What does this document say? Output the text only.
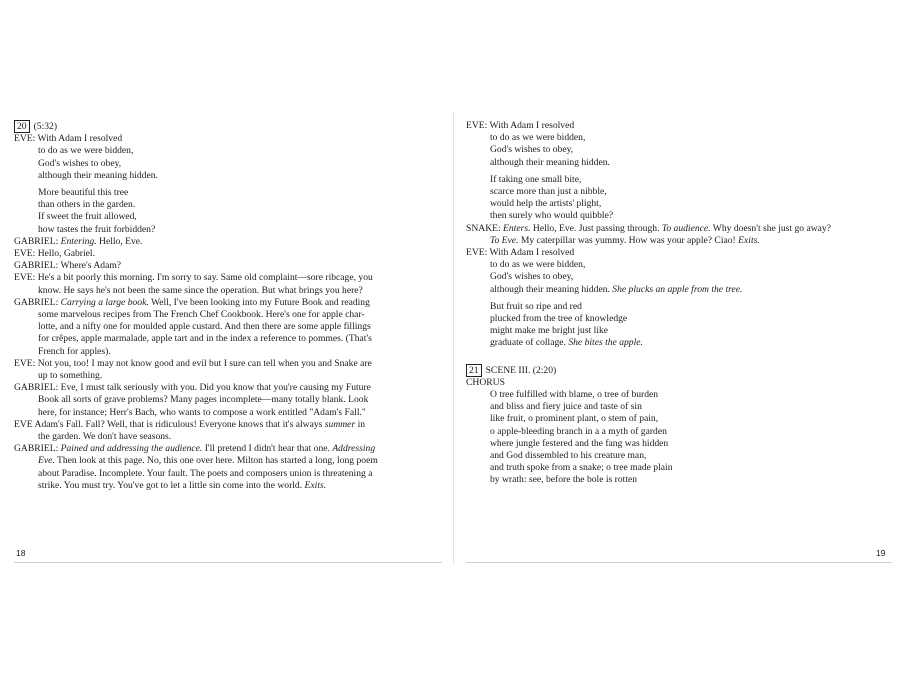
20 (5:32)
EVE: With Adam I resolved
to do as we were bidden,
God's wishes to obey,
although their meaning hidden.
More beautiful this tree
than others in the garden.
If sweet the fruit allowed,
how tastes the fruit forbidden?
GABRIEL: Entering. Hello, Eve.
EVE: Hello, Gabriel.
GABRIEL: Where's Adam?
EVE: He's a bit poorly this morning. I'm sorry to say. Same old complaint—sore ribcage, you
know. He says he's not been the same since the operation. But what brings you here?
GABRIEL: Carrying a large book. Well, I've been looking into my Future Book and reading
some marvelous recipes from The French Chef Cookbook. Here's one for apple char-
lotte, and a nifty one for moulded apple custard. And then there are some apple fillings
for crêpes, apple marmalade, apple tart and in the index a reference to pommes. (That's
French for apples).
EVE: Not you, too! I may not know good and evil but I sure can tell when you and Snake are
up to something.
GABRIEL: Eve, I must talk seriously with you. Did you know that you're causing my Future
Book all sorts of grave problems? Many pages incomplete—many totally blank. Look
here, for instance; Herr's Bach, who wants to compose a work entitled "Adam's Fall."
EVE Adam's Fall. Fall? Well, that is ridiculous! Everyone knows that it's always summer in
the garden. We don't have seasons.
GABRIEL: Pained and addressing the audience. I'll pretend I didn't hear that one. Addressing
Eve. Then look at this page. No, this one over here. Milton has started a long, long poem
about Paradise. Incomplete. Your fault. The poets and composers union is threatening a
strike. You must try. You've got to let a little sin come into the world. Exits.
18
EVE: With Adam I resolved
to do as we were bidden,
God's wishes to obey,
although their meaning hidden.
If taking one small bite,
scarce more than just a nibble,
would help the artists' plight,
then surely who would quibble?
SNAKE: Enters. Hello, Eve. Just passing through. To audience. Why doesn't she just go away?
To Eve. My caterpillar was yummy. How was your apple? Ciao! Exits.
EVE: With Adam I resolved
to do as we were bidden,
God's wishes to obey,
although their meaning hidden. She plucks an apple from the tree.
But fruit so ripe and red
plucked from the tree of knowledge
might make me bright just like
graduate of collage. She bites the apple.
21 SCENE III. (2:20)
CHORUS
O tree fulfilled with blame, o tree of burden
and bliss and fiery juice and taste of sin
like fruit, o prominent plant, o stem of pain,
o apple-bleeding branch in a a myth of garden
where jungle festered and the fang was hidden
and God dissembled to his creature man,
and truth spoke from a snake; o tree made plain
by wrath: see, before the bole is rotten
19
